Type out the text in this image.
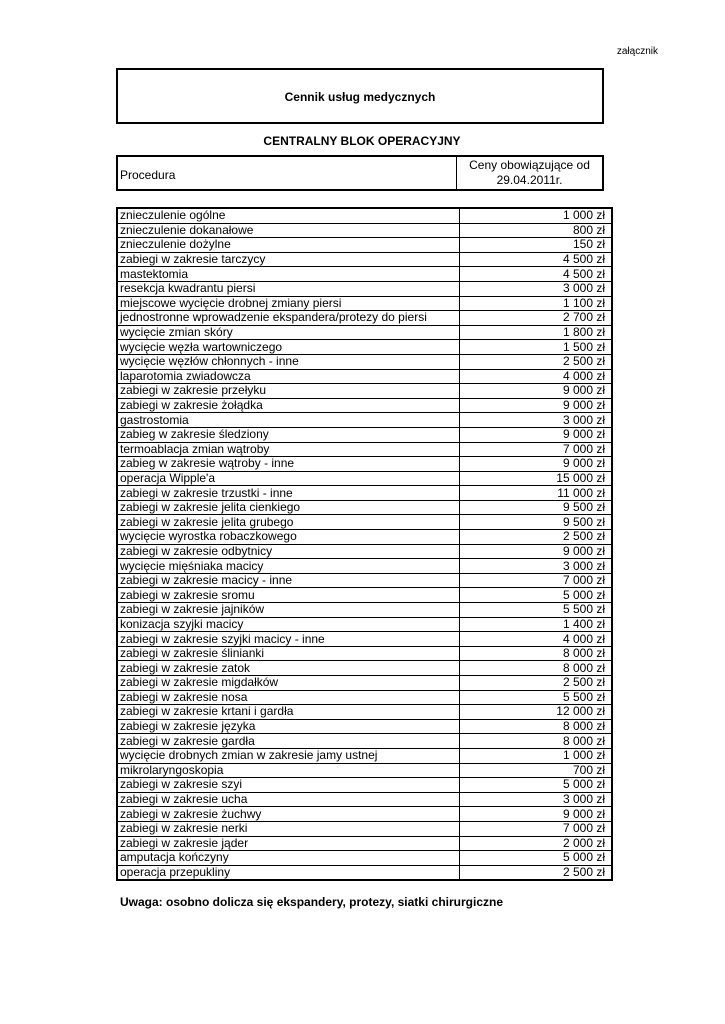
załącznik
Cennik usług medycznych
CENTRALNY BLOK OPERACYJNY
Procedura
Ceny obowiązujące od 29.04.2011r.
znieczulenie ogólne	1 000 zł
znieczulenie dokanałowe	800 zł
znieczulenie dożylne	150 zł
zabiegi w zakresie tarczycy	4 500 zł
mastektomia	4 500 zł
resekcja kwadrantu piersi	3 000 zł
miejscowe wycięcie drobnej zmiany piersi	1 100 zł
jednostronne wprowadzenie ekspandera/protezy do piersi	2 700 zł
wycięcie zmian skóry	1 800 zł
wycięcie węzła wartowniczego	1 500 zł
wycięcie węzłów chłonnych - inne	2 500 zł
laparotomia zwiadowcza	4 000 zł
zabiegi w zakresie przełyku	9 000 zł
zabiegi w zakresie żołądka	9 000 zł
gastrostomia	3 000 zł
zabieg w zakresie śledziony	9 000 zł
termoablacja zmian wątroby	7 000 zł
zabieg w zakresie wątroby - inne	9 000 zł
operacja Wipple'a	15 000 zł
zabiegi w zakresie trzustki - inne	11 000 zł
zabiegi w zakresie jelita cienkiego	9 500 zł
zabiegi w zakresie jelita grubego	9 500 zł
wycięcie wyrostka robaczkowego	2 500 zł
zabiegi w zakresie odbytnicy	9 000 zł
wycięcie mięśniaka macicy	3 000 zł
zabiegi w zakresie macicy - inne	7 000 zł
zabiegi w zakresie sromu	5 000 zł
zabiegi w zakresie jajników	5 500 zł
konizacja szyjki macicy	1 400 zł
zabiegi w zakresie szyjki macicy - inne	4 000 zł
zabiegi w zakresie ślinianki	8 000 zł
zabiegi w zakresie zatok	8 000 zł
zabiegi w zakresie migdałków	2 500 zł
zabiegi w zakresie nosa	5 500 zł
zabiegi w zakresie krtani i gardła	12 000 zł
zabiegi w zakresie języka	8 000 zł
zabiegi w zakresie gardła	8 000 zł
wycięcie drobnych zmian w zakresie jamy ustnej	1 000 zł
mikrolaryngoskopia	700 zł
zabiegi w zakresie szyi	5 000 zł
zabiegi w zakresie ucha	3 000 zł
zabiegi w zakresie żuchwy	9 000 zł
zabiegi w zakresie nerki	7 000 zł
zabiegi w zakresie jąder	2 000 zł
amputacja kończyny	5 000 zł
operacja przepukliny	2 500 zł
Uwaga: osobno dolicza się ekspandery, protezy, siatki chirurgiczne
